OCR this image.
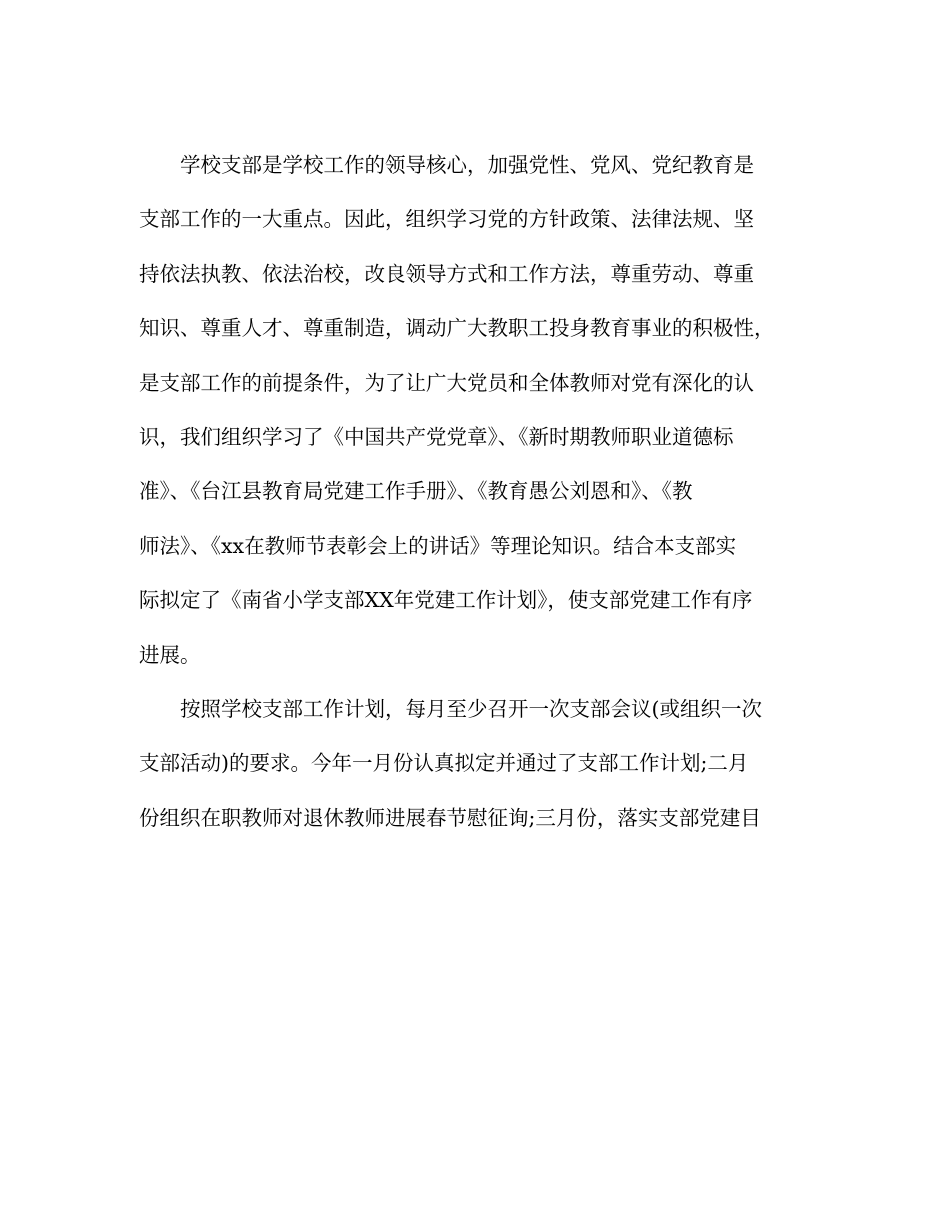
学校支部是学校工作的领导核心，加强党性、党风、党纪教育是
支部工作的一大重点。因此，组织学习党的方针政策、法律法规、坚
持依法执教、依法治校，改良领导方式和工作方法，尊重劳动、尊重
知识、尊重人才、尊重制造，调动广大教职工投身教育事业的积极性，
是支部工作的前提条件，为了让广大党员和全体教师对党有深化的认
识，我们组织学习了《中国共产党党章》、《新时期教师职业道德标
准》、《台江县教育局党建工作手册》、《教育愚公刘恩和》、《教
师法》、《xx在教师节表彰会上的讲话》等理论知识。结合本支部实
际拟定了《南省小学支部XX年党建工作计划》，使支部党建工作有序
进展。

按照学校支部工作计划，每月至少召开一次支部会议(或组织一次
支部活动)的要求。今年一月份认真拟定并通过了支部工作计划;二月
份组织在职教师对退休教师进展春节慰征询;三月份，落实支部党建目
